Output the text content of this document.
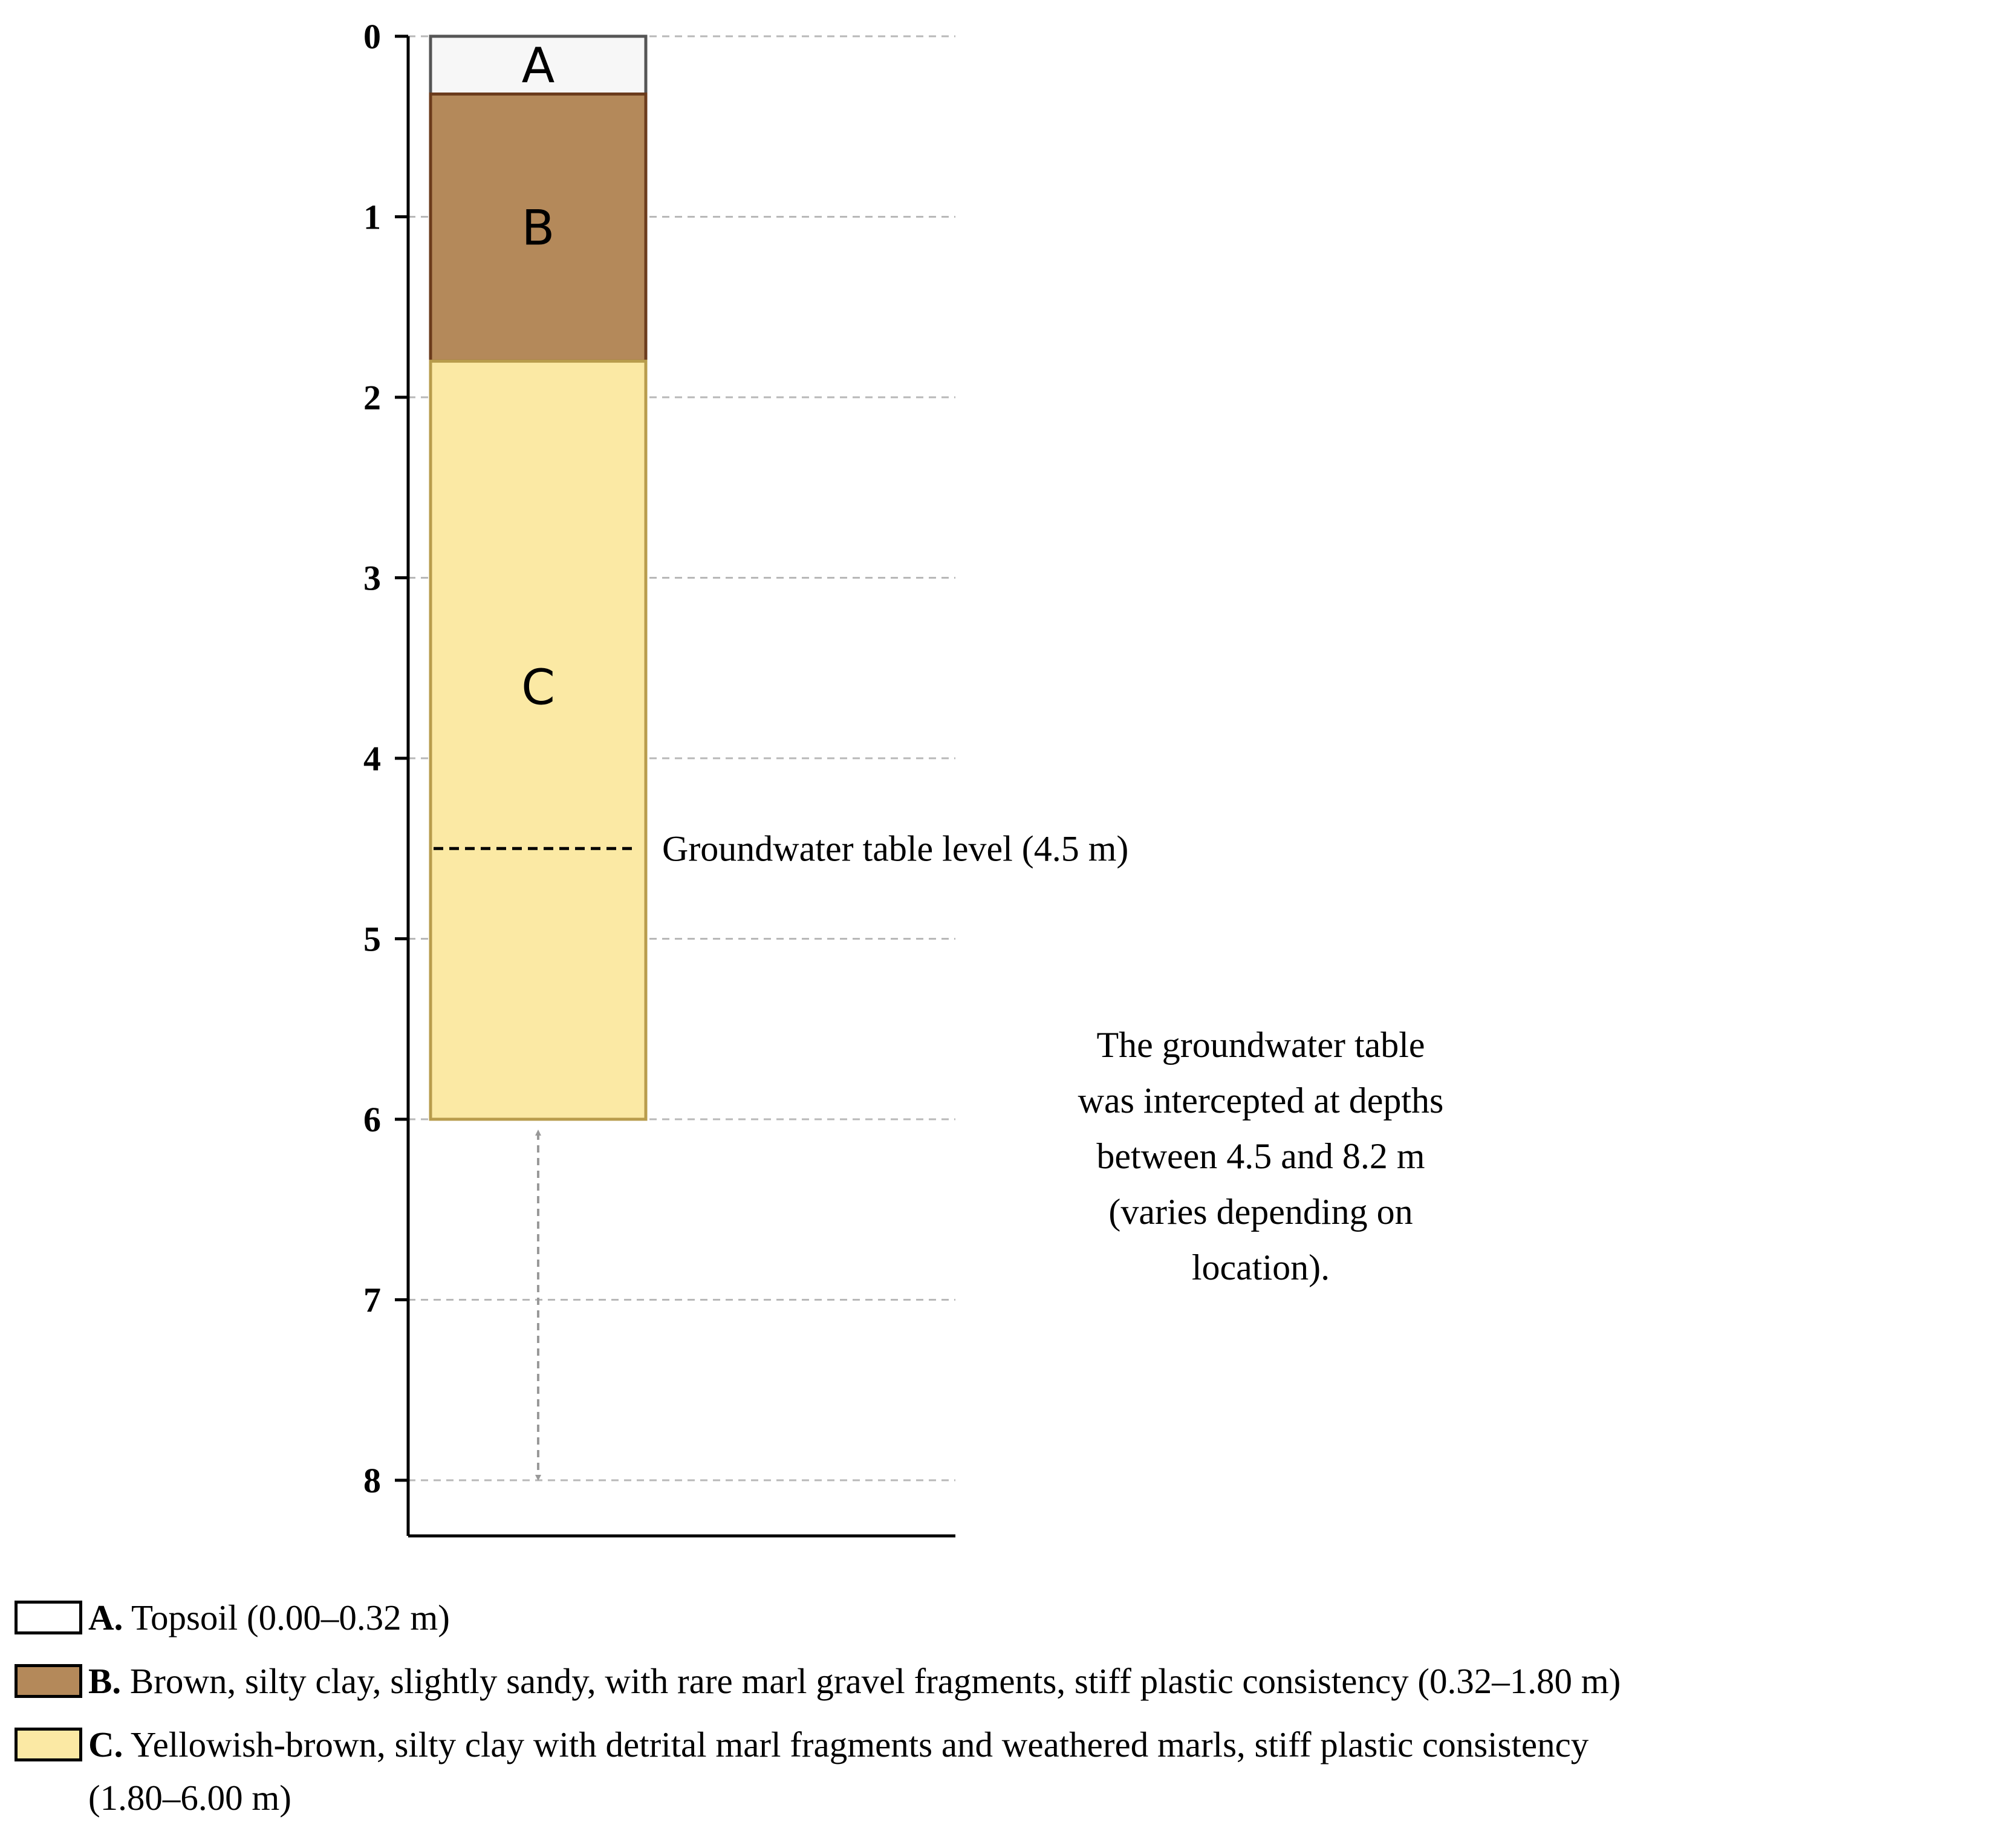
A
B
C
0
1
2
3
4
5
6
7
8
Groundwater table level (4.5 m)
The groundwater table
was intercepted at depths
between 4.5 and 8.2 m
(varies depending on
location).
A. Topsoil (0.00–0.32 m)
B. Brown, silty clay, slightly sandy, with rare marl gravel fragments, stiff plastic consistency (0.32–1.80 m)
C. Yellowish-brown, silty clay with detrital marl fragments and weathered marls, stiff plastic consistency
(1.80–6.00 m)
